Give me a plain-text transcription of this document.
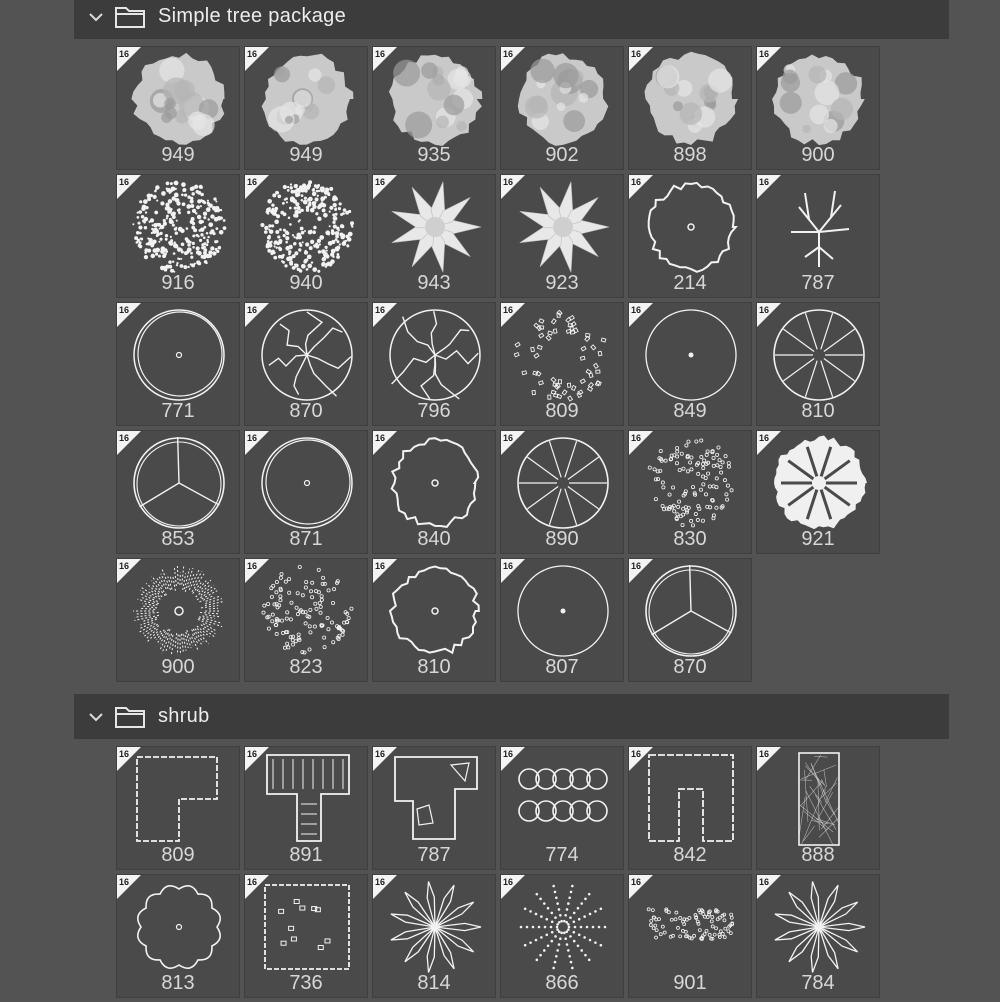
Simple tree package
16
949
16
949
16
935
16
902
16
898
16
900
16
916
16
940
16
943
16
923
16
214
16
787
16
771
16
870
16
796
16
809
16
849
16
810
16
853
16
871
16
840
16
890
16
830
16
921
16
900
16
823
16
810
16
807
16
870
shrub
16
809
16
891
16
787
16
774
16
842
16
888
16
813
16
736
16
814
16
866
16
901
16
784
